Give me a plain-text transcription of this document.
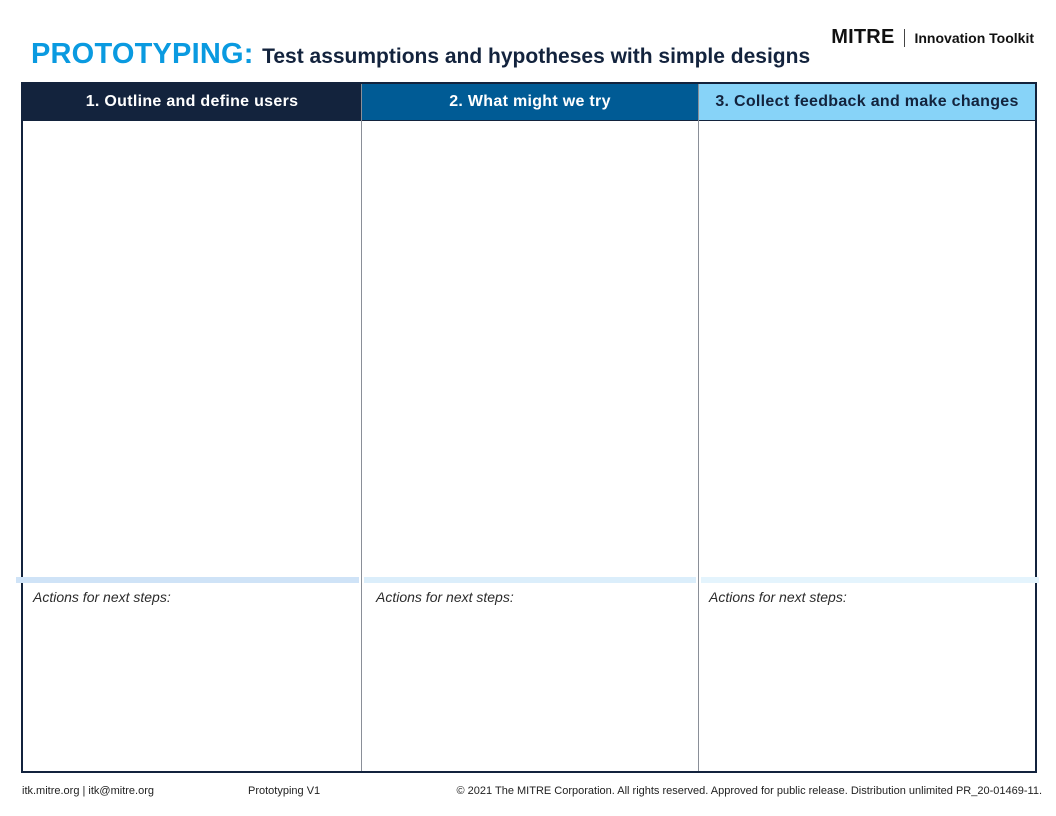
PROTOTYPING: Test assumptions and hypotheses with simple designs
MITRE Innovation Toolkit
1. Outline and define users
Actions for next steps:
2. What might we try
Actions for next steps:
3. Collect feedback and make changes
Actions for next steps:
itk.mitre.org | itk@mitre.org	Prototyping V1	© 2021 The MITRE Corporation. All rights reserved. Approved for public release. Distribution unlimited PR_20-01469-11.
